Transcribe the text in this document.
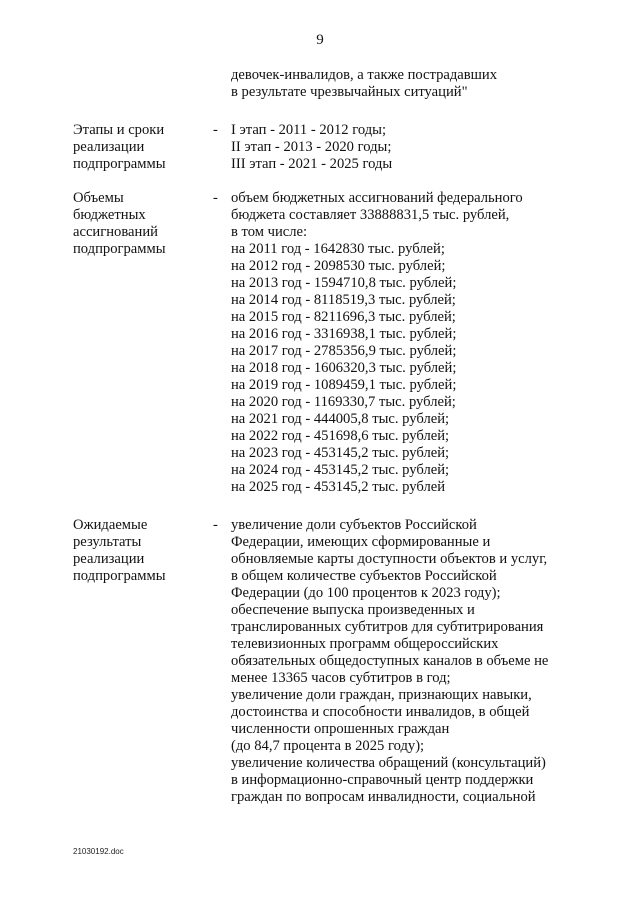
9
девочек-инвалидов, а также пострадавших
в результате чрезвычайных ситуаций"
Этапы и сроки
реализации
подпрограммы
- I этап - 2011 - 2012 годы;
II этап - 2013 - 2020 годы;
III этап - 2021 - 2025 годы
Объемы
бюджетных
ассигнований
подпрограммы
- объем бюджетных ассигнований федерального
бюджета составляет 33888831,5 тыс. рублей,
в том числе:
на 2011 год - 1642830 тыс. рублей;
на 2012 год - 2098530 тыс. рублей;
на 2013 год - 1594710,8 тыс. рублей;
на 2014 год - 8118519,3 тыс. рублей;
на 2015 год - 8211696,3 тыс. рублей;
на 2016 год - 3316938,1 тыс. рублей;
на 2017 год - 2785356,9 тыс. рублей;
на 2018 год - 1606320,3 тыс. рублей;
на 2019 год - 1089459,1 тыс. рублей;
на 2020 год - 1169330,7 тыс. рублей;
на 2021 год - 444005,8 тыс. рублей;
на 2022 год - 451698,6 тыс. рублей;
на 2023 год - 453145,2 тыс. рублей;
на 2024 год - 453145,2 тыс. рублей;
на 2025 год - 453145,2 тыс. рублей
Ожидаемые
результаты
реализации
подпрограммы
- увеличение доли субъектов Российской
Федерации, имеющих сформированные и
обновляемые карты доступности объектов и услуг,
в общем количестве субъектов Российской
Федерации (до 100 процентов к 2023 году);
обеспечение выпуска произведенных и
транслированных субтитров для субтитрирования
телевизионных программ общероссийских
обязательных общедоступных каналов в объеме не
менее 13365 часов субтитров в год;
увеличение доли граждан, признающих навыки,
достоинства и способности инвалидов, в общей
численности опрошенных граждан
(до 84,7 процента в 2025 году);
увеличение количества обращений (консультаций)
в информационно-справочный центр поддержки
граждан по вопросам инвалидности, социальной
21030192.doc
